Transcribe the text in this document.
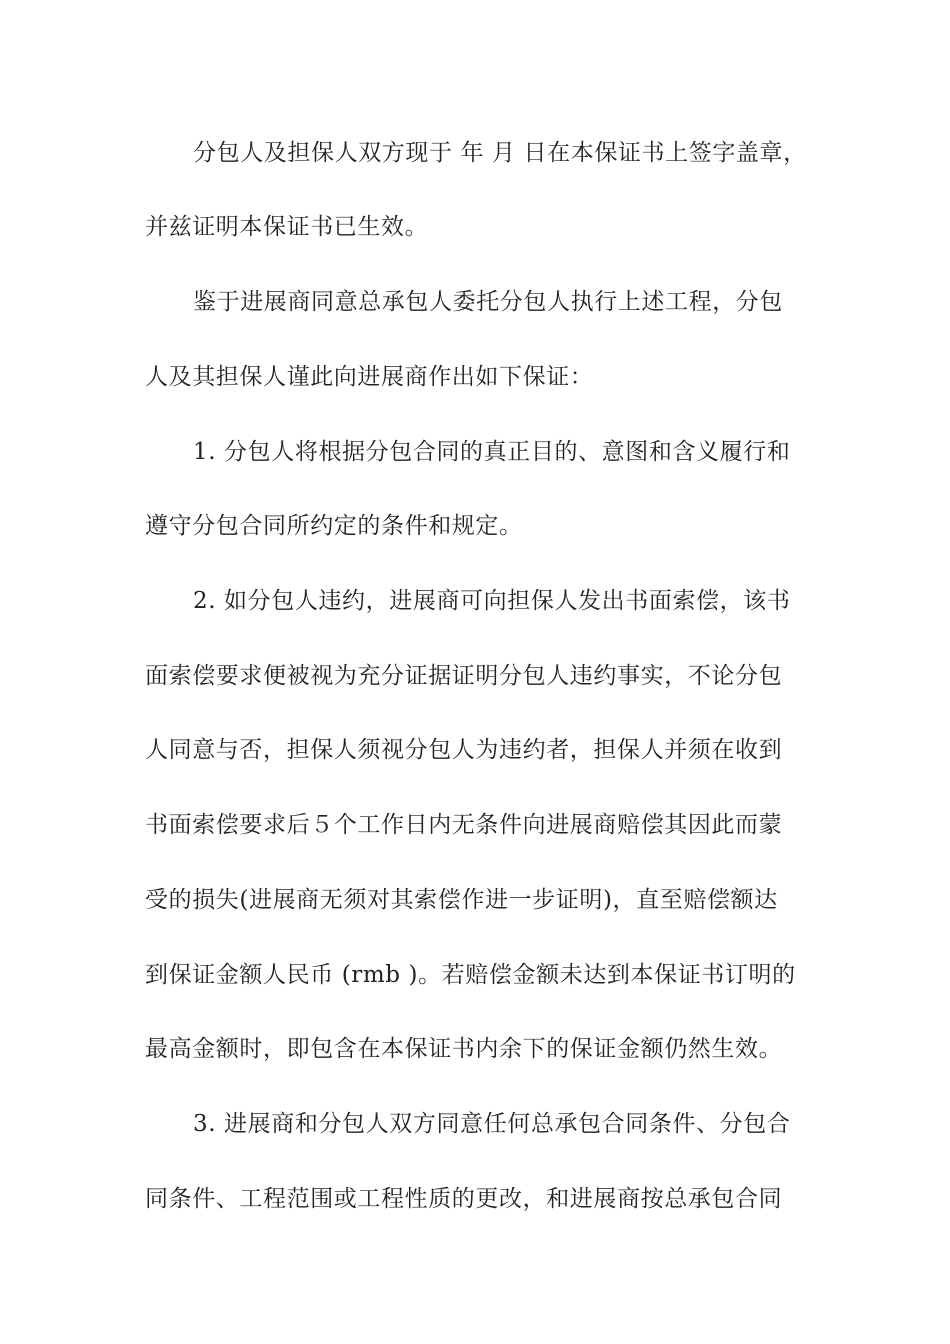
分包人及担保人双方现于 年 月 日在本保证书上签字盖章，
并兹证明本保证书已生效。
鉴于进展商同意总承包人委托分包人执行上述工程，分包
人及其担保人谨此向进展商作出如下保证：
1. 分包人将根据分包合同的真正目的、意图和含义履行和
遵守分包合同所约定的条件和规定。
2. 如分包人违约，进展商可向担保人发出书面索偿，该书
面索偿要求便被视为充分证据证明分包人违约事实，不论分包
人同意与否，担保人须视分包人为违约者，担保人并须在收到
书面索偿要求后５个工作日内无条件向进展商赔偿其因此而蒙
受的损失(进展商无须对其索偿作进一步证明)，直至赔偿额达
到保证金额人民币 (rmb )。若赔偿金额未达到本保证书订明的
最高金额时，即包含在本保证书内余下的保证金额仍然生效。
3. 进展商和分包人双方同意任何总承包合同条件、分包合
同条件、工程范围或工程性质的更改，和进展商按总承包合同
